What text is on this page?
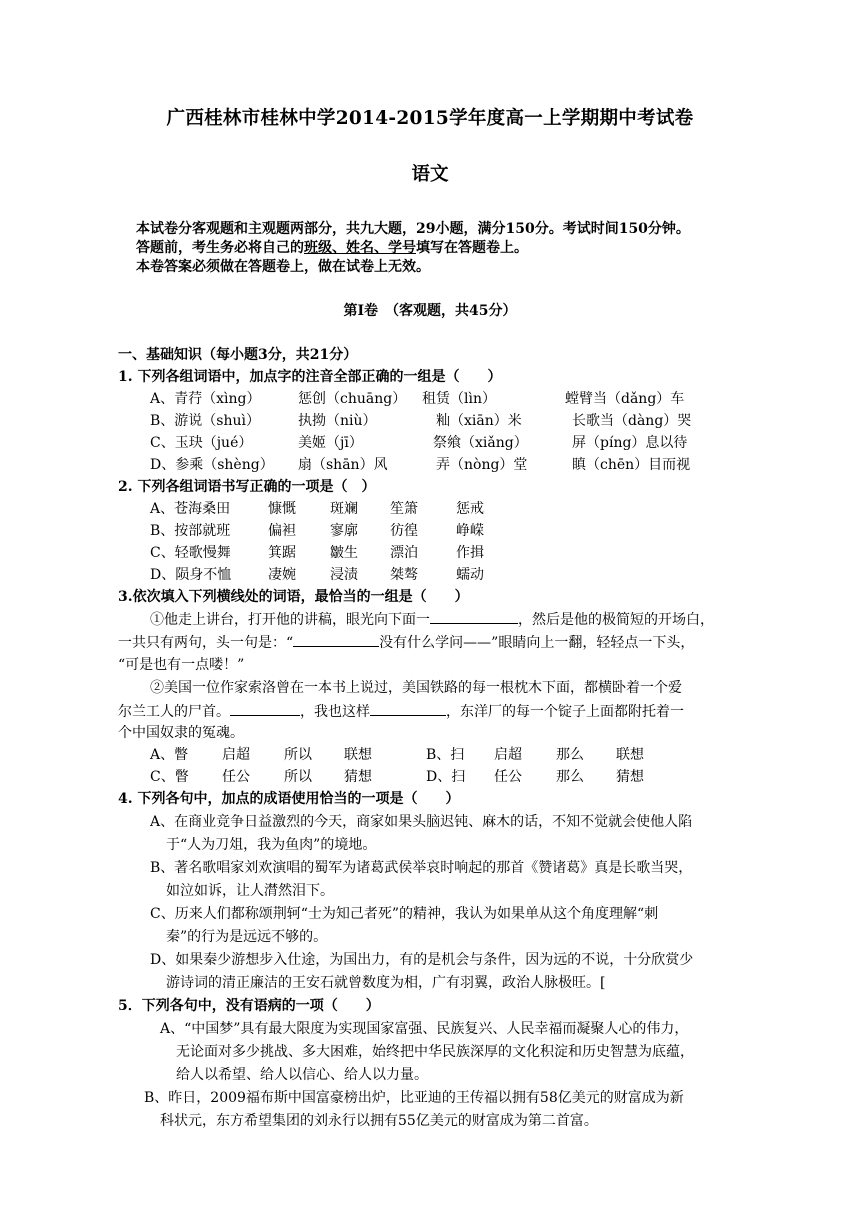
广西桂林市桂林中学2014-2015学年度高一上学期期中考试卷
语文
本试卷分客观题和主观题两部分，共九大题，29小题，满分150分。考试时间150分钟。
答题前，考生务必将自己的班级、姓名、学号填写在答题卷上。
本卷答案必须做在答题卷上，做在试卷上无效。
第Ⅰ卷　（客观题，共45分）
一、基础知识（每小题3分，共21分）
1. 下列各组词语中，加点字的注音全部正确的一组是（　　）
A、青荇（xìng）	惩创（chuāng） 租赁（lìn）	螳臂当（dǎng）车
B、游说（shuì）	执拗（niù）	籼（xiān）米	长歌当（dàng）哭
C、玉玦（jué）	美姬（jī）	祭飨（xiǎng）	屏（píng）息以待
D、参乘（shèng） 扇（shān）风	弄（nòng）堂	瞋（chēn）目而视
2. 下列各组词语书写正确的一项是（　）
A、苍海桑田	慷慨 斑斓 笙箫	惩戒
B、按部就班	偏袒 寥廓 彷徨	峥嵘
C、轻歌慢舞	箕踞 皺生 漂泊	作揖
D、陨身不恤	凄婉 浸渍 桀骜	蠕动
3.依次填入下列横线处的词语，最恰当的一组是（　　）
①他走上讲台，打开他的讲稿，眼光向下面一	，然后是他的极简短的开场白，
一共只有两句，头一句是：“	没有什么学问——”眼睛向上一翻，轻轻点一下头，
“可是也有一点喽！”
②美国一位作家索洛曾在一本书上说过，美国铁路的每一根枕木下面，都横卧着一个爱
尔兰工人的尸首。	，我也这样	，东洋厂的每一个锭子上面都附托着一
个中国奴隶的冤魂。
A、瞥 启超 所以 联想	B、扫 启超 那么 联想
C、瞥 任公 所以 猜想	D、扫 任公 那么 猜想
4. 下列各句中，加点的成语使用恰当的一项是（　　）
A、在商业竞争日益激烈的今天，商家如果头脑迟钝、麻木的话，不知不觉就会使他人陷
于“人为刀俎，我为鱼肉”的境地。
B、著名歌唱家刘欢演唱的蜀军为诸葛武侯举哀时响起的那首《赞诸葛》真是长歌当哭，
如泣如诉，让人潸然泪下。
C、历来人们都称颂荆轲“士为知己者死”的精神，我认为如果单从这个角度理解“刺
秦”的行为是远远不够的。
D、如果秦少游想步入仕途，为国出力，有的是机会与条件，因为远的不说，十分欣赏少
游诗词的清正廉洁的王安石就曾数度为相，广有羽翼，政治人脉极旺。[
5．下列各句中，没有语病的一项（　　）
A、“中国梦”具有最大限度为实现国家富强、民族复兴、人民幸福而凝聚人心的伟力，
无论面对多少挑战、多大困难，始终把中华民族深厚的文化积淀和历史智慧为底蕴，
给人以希望、给人以信心、给人以力量。
B、昨日，2009福布斯中国富豪榜出炉，比亚迪的王传福以拥有58亿美元的财富成为新
科状元，东方希望集团的刘永行以拥有55亿美元的财富成为第二首富。
